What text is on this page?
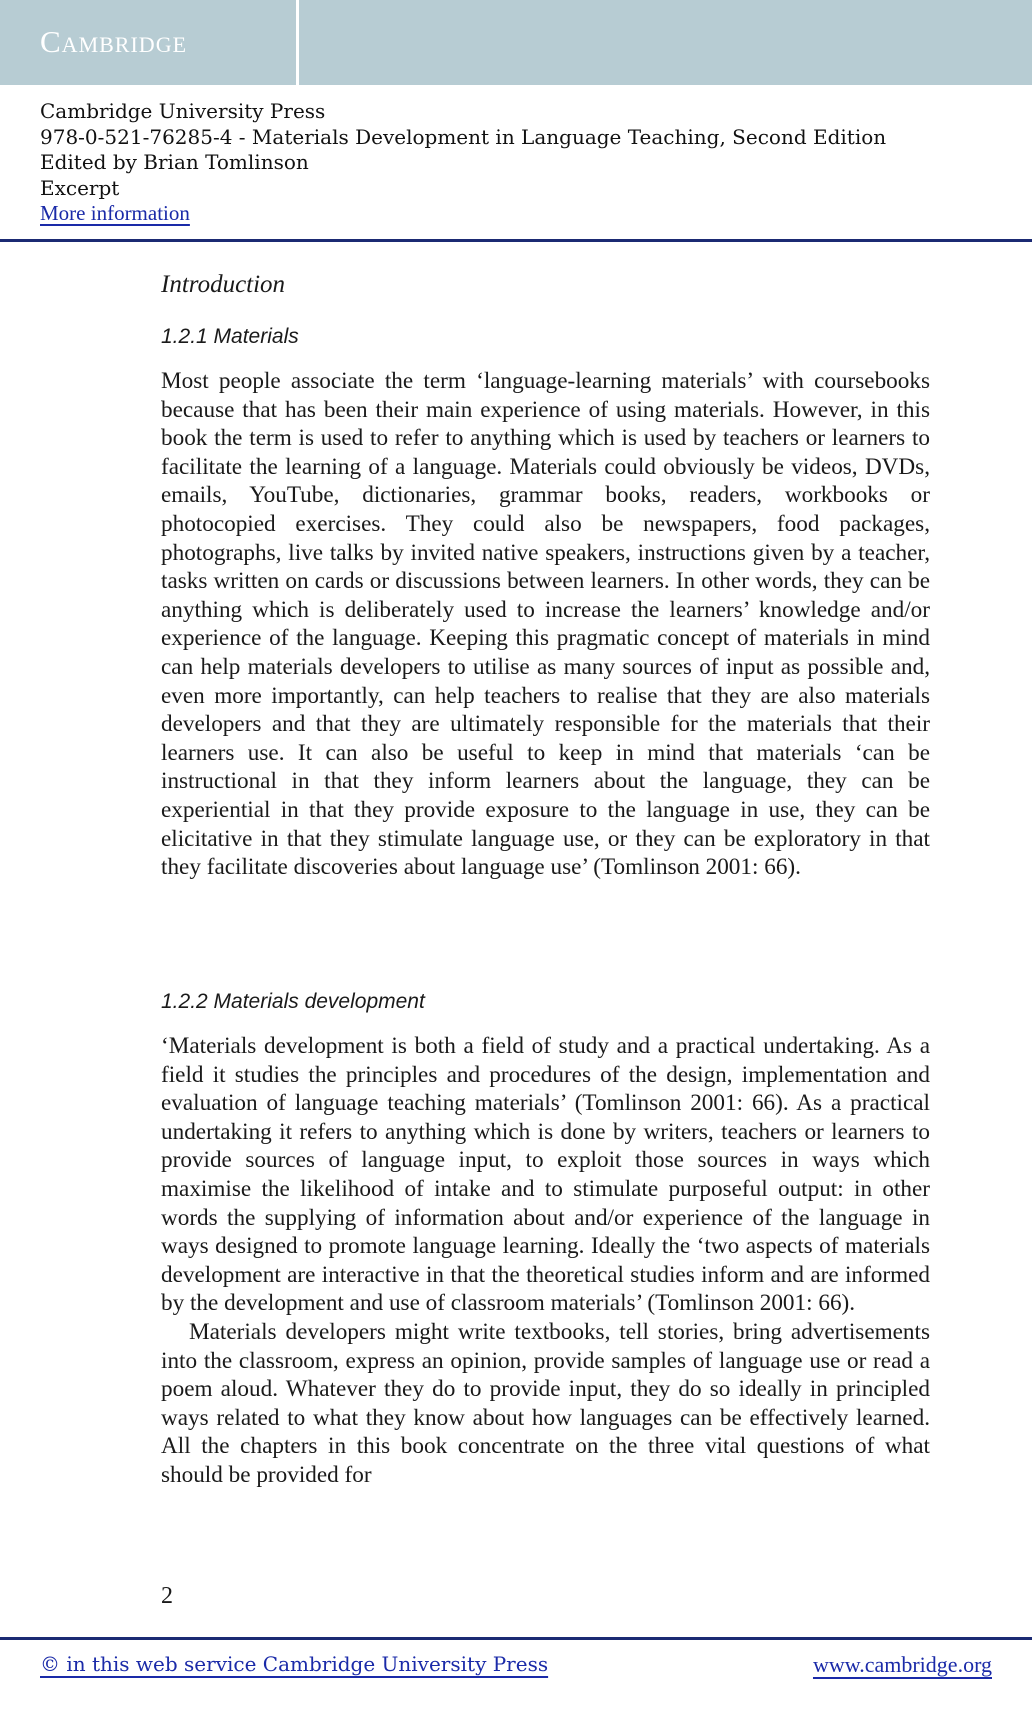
Cambridge
Cambridge University Press
978-0-521-76285-4 - Materials Development in Language Teaching, Second Edition
Edited by Brian Tomlinson
Excerpt
More information
Introduction
1.2.1 Materials

Most people associate the term ‘language-learning materials’ with coursebooks because that has been their main experience of using materials. However, in this book the term is used to refer to anything which is used by teachers or learners to facilitate the learning of a language. Materials could obviously be videos, DVDs, emails, YouTube, dictionaries, grammar books, readers, workbooks or photocopied exercises. They could also be newspapers, food packages, photographs, live talks by invited native speakers, instructions given by a teacher, tasks written on cards or discussions between learners. In other words, they can be anything which is deliberately used to increase the learners’ knowledge and/or experience of the language. Keeping this pragmatic concept of materials in mind can help materials developers to utilise as many sources of input as possible and, even more importantly, can help teachers to realise that they are also materials developers and that they are ultimately responsible for the materials that their learners use. It can also be useful to keep in mind that materials ‘can be instructional in that they inform learners about the language, they can be experiential in that they provide exposure to the language in use, they can be elicitative in that they stimulate language use, or they can be exploratory in that they facilitate discoveries about language use’ (Tomlinson 2001: 66).

1.2.2 Materials development

‘Materials development is both a field of study and a practical undertaking. As a field it studies the principles and procedures of the design, implementation and evaluation of language teaching materials’ (Tomlinson 2001: 66). As a practical undertaking it refers to anything which is done by writers, teachers or learners to provide sources of language input, to exploit those sources in ways which maximise the likelihood of intake and to stimulate purposeful output: in other words the supplying of information about and/or experience of the language in ways designed to promote language learning. Ideally the ‘two aspects of materials development are interactive in that the theoretical studies inform and are informed by the development and use of classroom materials’ (Tomlinson 2001: 66).

Materials developers might write textbooks, tell stories, bring advertisements into the classroom, express an opinion, provide samples of language use or read a poem aloud. Whatever they do to provide input, they do so ideally in principled ways related to what they know about how languages can be effectively learned. All the chapters in this book concentrate on the three vital questions of what should be provided for

2
© in this web service Cambridge University Press	www.cambridge.org
